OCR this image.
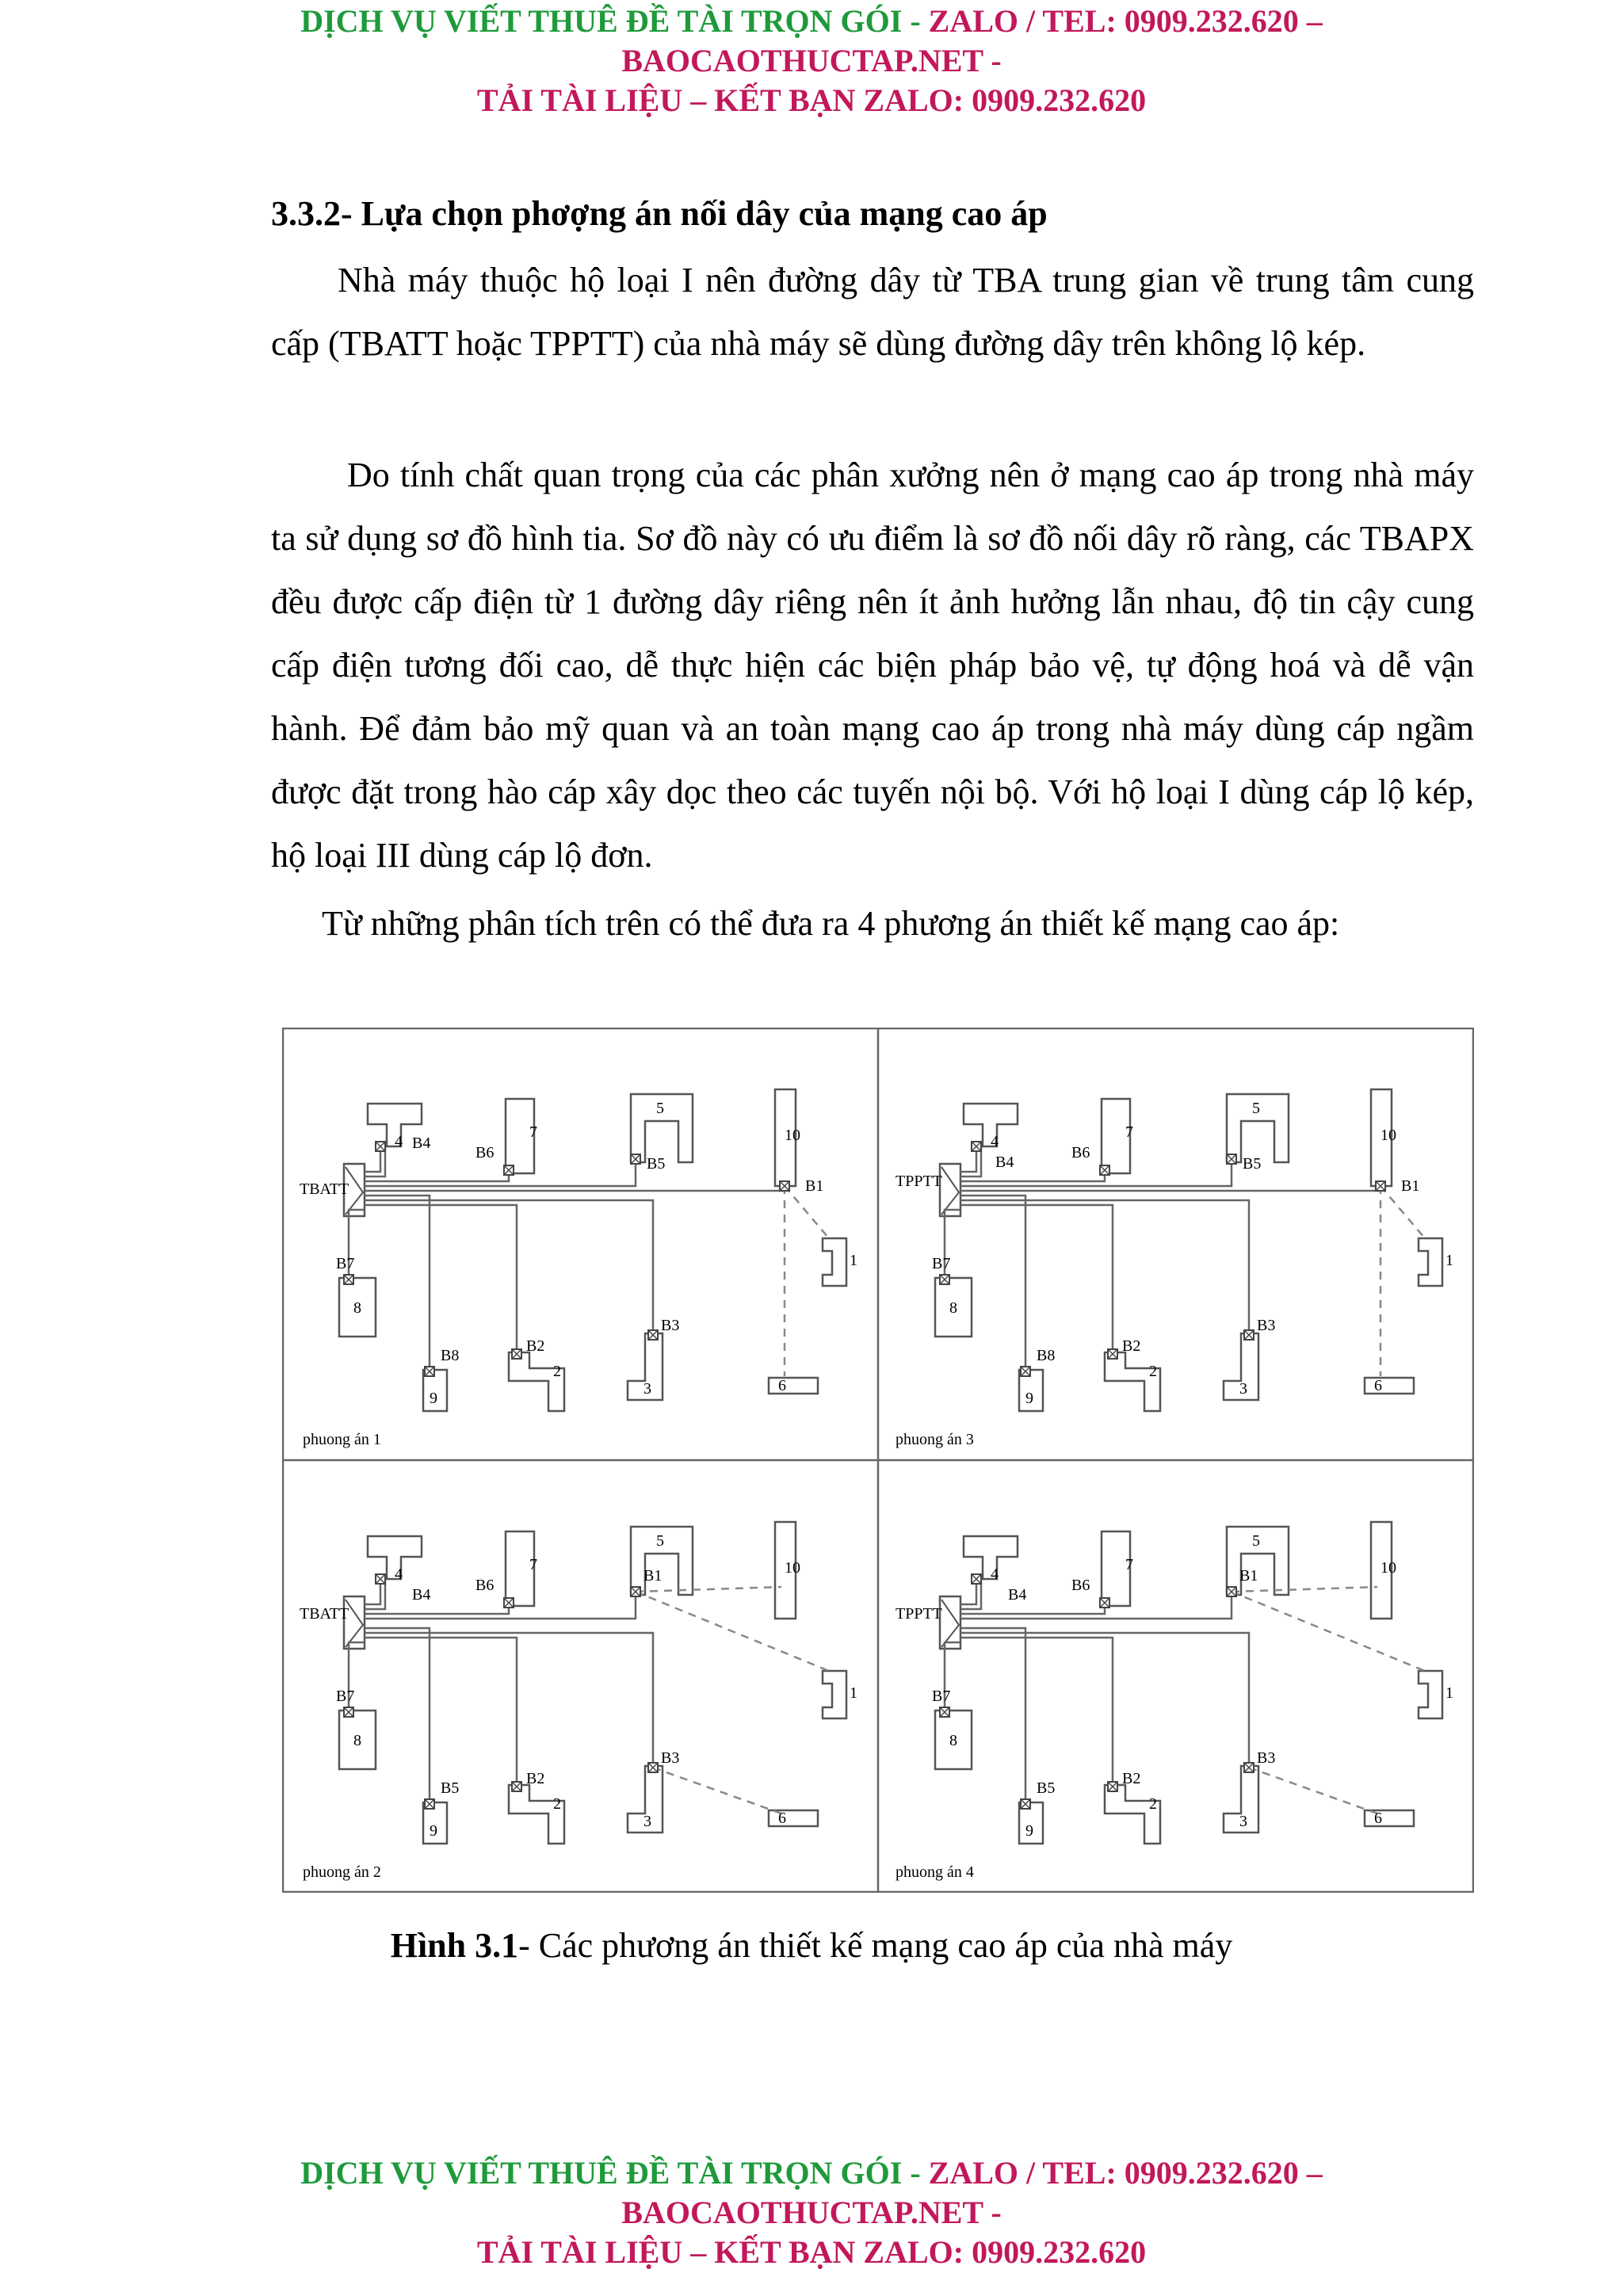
DỊCH VỤ VIẾT THUÊ ĐỀ TÀI TRỌN GÓI - ZALO / TEL: 0909.232.620 –
BAOCAOTHUCTAP.NET -
TẢI TÀI LIỆU – KẾT BẠN ZALO: 0909.232.620
3.3.2- Lựa chọn phơợng án nối dây của mạng cao áp
Nhà máy thuộc hộ loại I nên đường dây từ TBA trung gian về trung tâm cung cấp (TBATT hoặc TPPTT) của nhà máy sẽ dùng đường dây trên không lộ kép.
Do tính chất quan trọng của các phân xưởng nên ở mạng cao áp trong nhà máy ta sử dụng sơ đồ hình tia. Sơ đồ này có ưu điểm là sơ đồ nối dây rõ ràng, các TBAPX đều được cấp điện từ 1 đường dây riêng nên ít ảnh hưởng lẫn nhau, độ tin cậy cung cấp điện tương đối cao, dễ thực hiện các biện pháp bảo vệ, tự động hoá và dễ vận hành. Để đảm bảo mỹ quan và an toàn mạng cao áp trong nhà máy dùng cáp ngầm được đặt trong hào cáp xây dọc theo các tuyến nội bộ. Với hộ loại I dùng cáp lộ kép, hộ loại III dùng cáp lộ đơn.
Từ những phân tích trên có thể đưa ra 4 phương án thiết kế mạng cao áp:
TBATT
B4
B6
B5
B1
B7
B8
B2
B3
1
2
3
4
5
6
7
8
9
10
phuong án 1
TPPTT
B4
B6
B5
B1
B7
B8
B2
B3
1
2
3
4
5
6
7
8
9
10
phuong án 3
TBATT
B4
B6
B1
B7
B5
B2
B3
1
2
3
4
5
6
7
8
9
10
phuong án 2
TPPTT
B4
B6
B1
B7
B5
B2
B3
1
2
3
4
5
6
7
8
9
10
phuong án 4
Hình 3.1- Các phương án thiết kế mạng cao áp của nhà máy
DỊCH VỤ VIẾT THUÊ ĐỀ TÀI TRỌN GÓI - ZALO / TEL: 0909.232.620 –
BAOCAOTHUCTAP.NET -
TẢI TÀI LIỆU – KẾT BẠN ZALO: 0909.232.620
